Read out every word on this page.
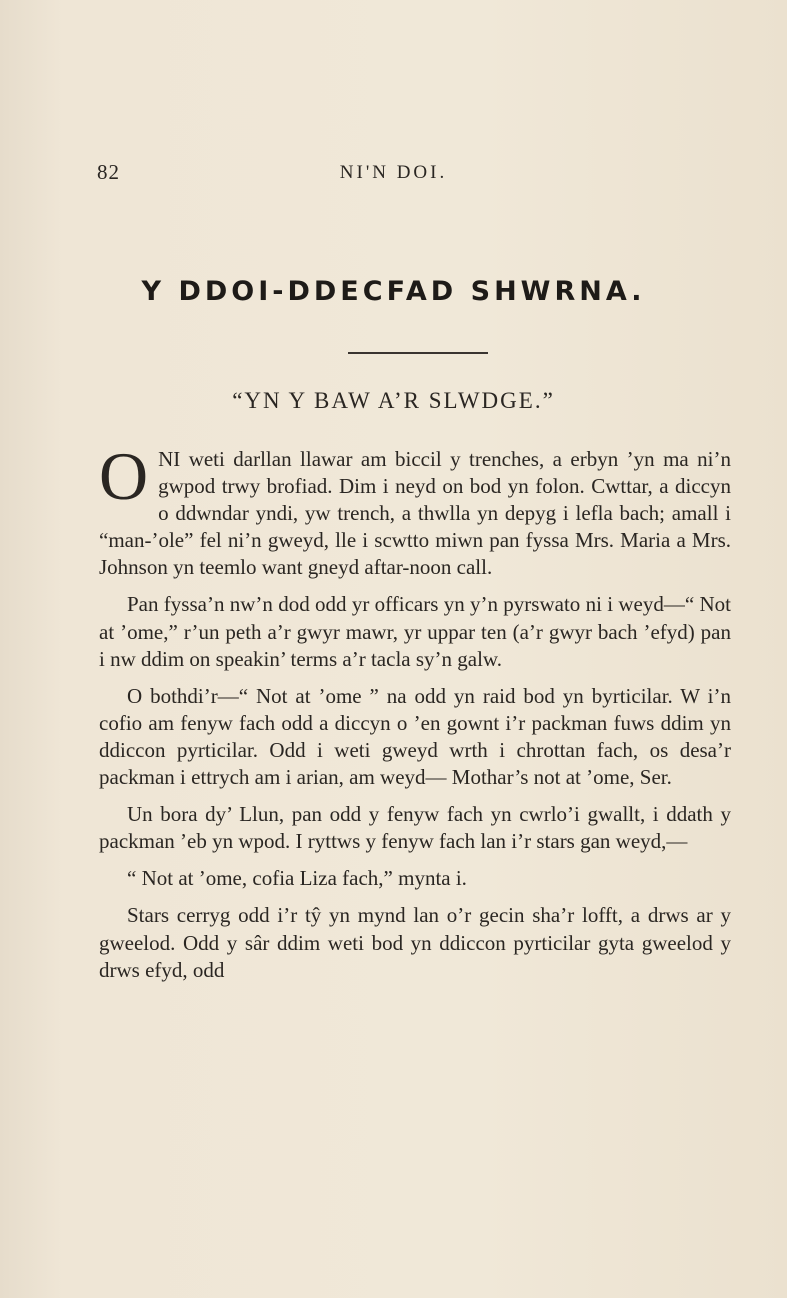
82	NI'N DOI.
Y DDOI-DDECFAD SHWRNA.
“YN Y BAW A’R SLWDGE.”

ONI weti darllan llawar am biccil y trenches, a erbyn ’yn ma ni’n gwpod trwy brofiad. Dim i neyd on bod yn folon. Cwttar, a diccyn o ddwndar yndi, yw trench, a thwlla yn depyg i lefla bach; amall i “man-’ole” fel ni’n gweyd, lle i scwtto miwn pan fyssa Mrs. Maria a Mrs. Johnson yn teemlo want gneyd aftar-noon call.

Pan fyssa’n nw’n dod odd yr officars yn y’n pyrswato ni i weyd—“ Not at ’ome,” r’un peth a’r gwyr mawr, yr uppar ten (a’r gwyr bach ’efyd) pan i nw ddim on speakin’ terms a’r tacla sy’n galw.

O bothdi’r—“ Not at ’ome ” na odd yn raid bod yn byrticilar. W i’n cofio am fenyw fach odd a diccyn o ’en gownt i’r packman fuws ddim yn ddiccon pyrticilar. Odd i weti gweyd wrth i chrottan fach, os desa’r packman i ettrych am i arian, am weyd— Mothar’s not at ’ome, Ser.

Un bora dy’ Llun, pan odd y fenyw fach yn cwrlo’i gwallt, i ddath y packman ’eb yn wpod. I ryttws y fenyw fach lan i’r stars gan weyd,—

“ Not at ’ome, cofia Liza fach,” mynta i.

Stars cerryg odd i’r tŷ yn mynd lan o’r gecin sha’r lofft, a drws ar y gweelod. Odd y sâr ddim weti bod yn ddiccon pyrticilar gyta gweelod y drws efyd, odd
